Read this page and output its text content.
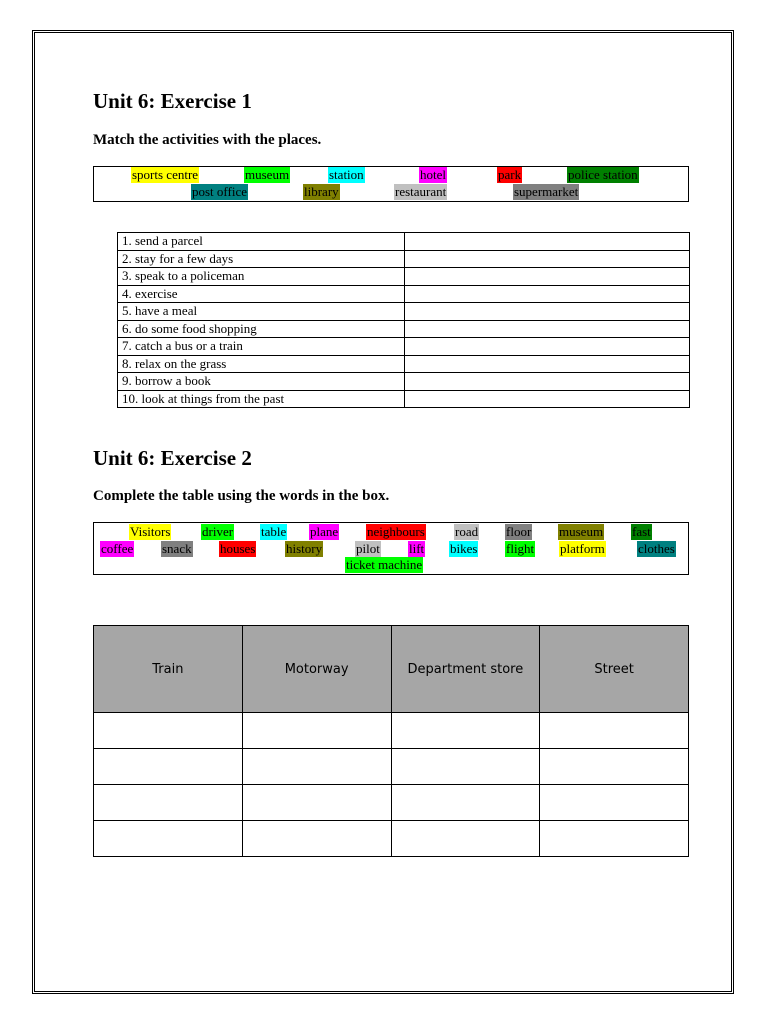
Unit 6: Exercise 1

Match the activities with the places.

sports centre	museum	station	hotel	park	police station
post office	library	restaurant	supermarket
1. send a parcel	
2. stay for a few days	
3. speak to a policeman	
4. exercise	
5. have a meal	
6. do some food shopping	
7. catch a bus or a train	
8. relax on the grass	
9. borrow a book	
10. look at things from the past	
Unit 6: Exercise 2

Complete the table using the words in the box.

Visitors driver table plane neighbours road floor museum fast
coffee snack houses history	pilot lift bikes flight platform	clothes
ticket machine
Train	Motorway	Department store	Street
